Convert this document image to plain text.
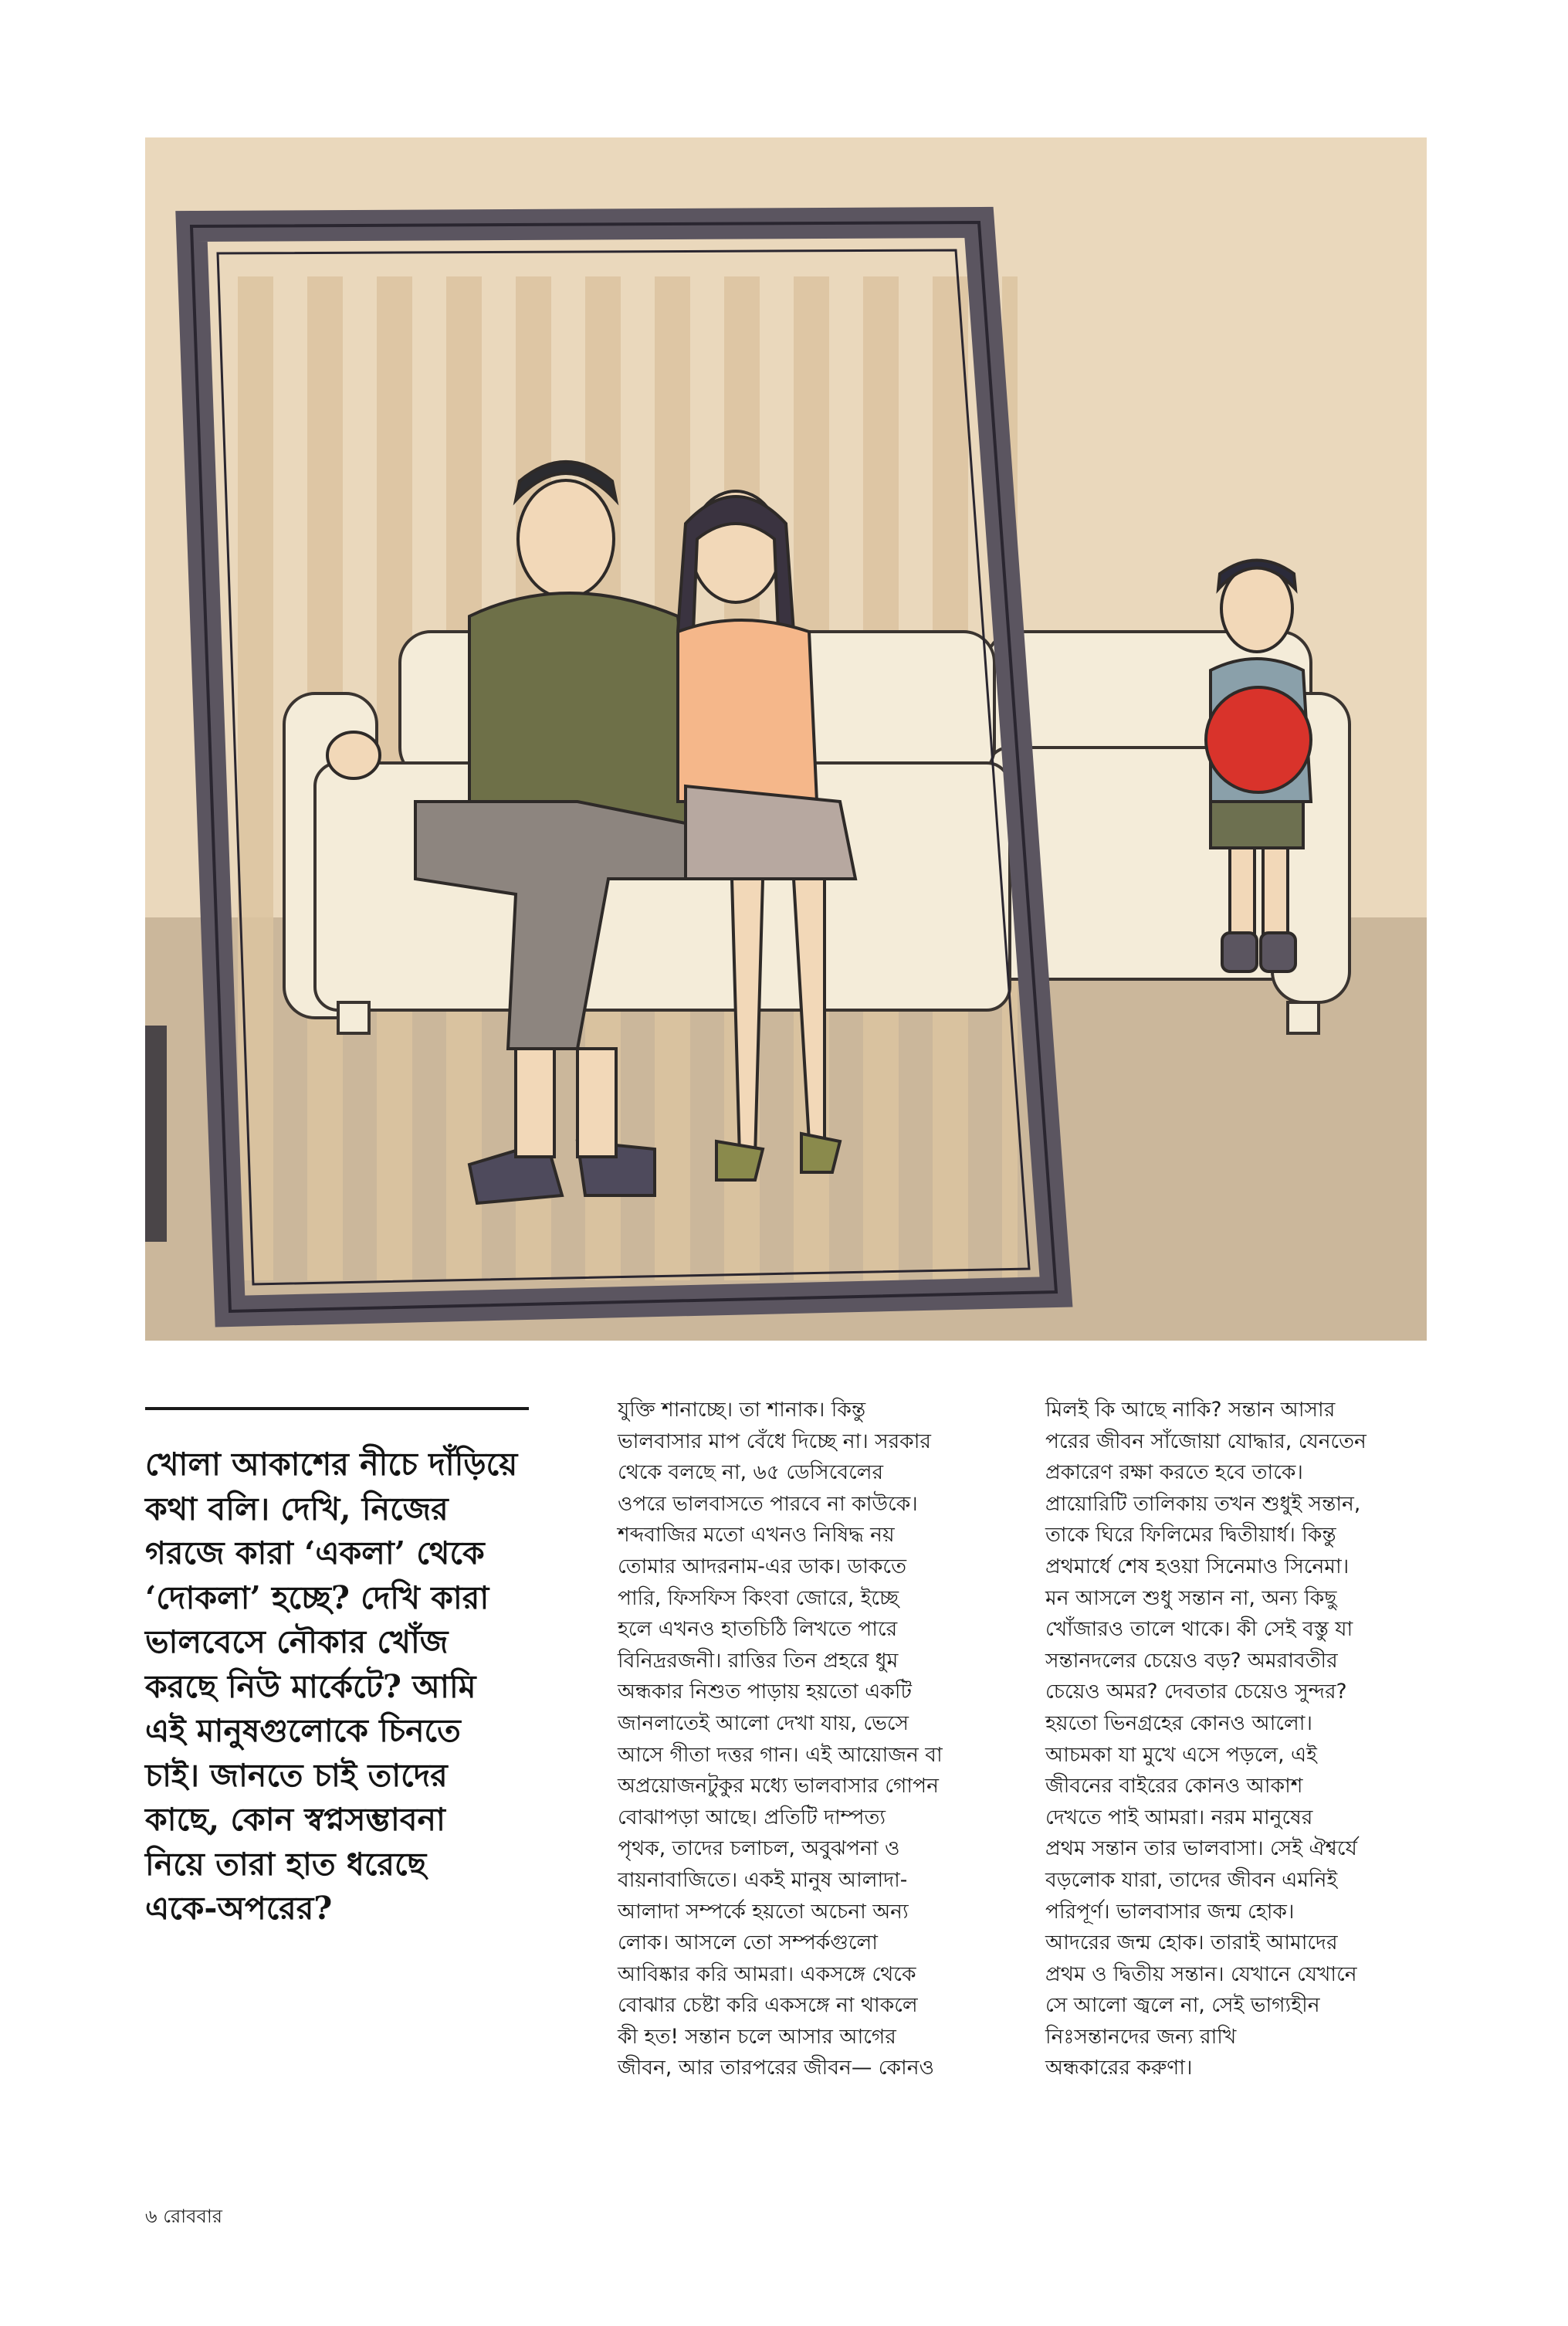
খোলা আকাশের নীচে দাঁড়িয়ে
কথা বলি। দেখি, নিজের
গরজে কারা ‘একলা’ থেকে
‘দোকলা’ হচ্ছে? দেখি কারা
ভালবেসে নৌকার খোঁজ
করছে নিউ মার্কেটে? আমি
এই মানুষগুলোকে চিনতে
চাই। জানতে চাই তাদের
কাছে, কোন স্বপ্নসম্ভাবনা
নিয়ে তারা হাত ধরেছে
একে-অপরের?
যুক্তি শানাচ্ছে। তা শানাক। কিন্তু
ভালবাসার মাপ বেঁধে দিচ্ছে না। সরকার
থেকে বলছে না, ৬৫ ডেসিবেলের
ওপরে ভালবাসতে পারবে না কাউকে।
শব্দবাজির মতো এখনও নিষিদ্ধ নয়
তোমার আদরনাম-এর ডাক। ডাকতে
পারি, ফিসফিস কিংবা জোরে, ইচ্ছে
হলে এখনও হাতচিঠি লিখতে পারে
বিনিদ্ররজনী। রাত্তির তিন প্রহরে ধুম
অন্ধকার নিশুত পাড়ায় হয়তো একটি
জানলাতেই আলো দেখা যায়, ভেসে
আসে গীতা দত্তর গান। এই আয়োজন বা
অপ্রয়োজনটুকুর মধ্যে ভালবাসার গোপন
বোঝাপড়া আছে। প্রতিটি দাম্পত্য
পৃথক, তাদের চলাচল, অবুঝপনা ও
বায়নাবাজিতে। একই মানুষ আলাদা-
আলাদা সম্পর্কে হয়তো অচেনা অন্য
লোক। আসলে তো সম্পর্কগুলো
আবিষ্কার করি আমরা। একসঙ্গে থেকে
বোঝার চেষ্টা করি একসঙ্গে না থাকলে
কী হত! সন্তান চলে আসার আগের
জীবন, আর তারপরের জীবন— কোনও
মিলই কি আছে নাকি? সন্তান আসার
পরের জীবন সাঁজোয়া যোদ্ধার, যেনতেন
প্রকারেণ রক্ষা করতে হবে তাকে।
প্রায়োরিটি তালিকায় তখন শুধুই সন্তান,
তাকে ঘিরে ফিলিমের দ্বিতীয়ার্ধ। কিন্তু
প্রথমার্ধে শেষ হওয়া সিনেমাও সিনেমা।
মন আসলে শুধু সন্তান না, অন্য কিছু
খোঁজারও তালে থাকে। কী সেই বস্তু যা
সন্তানদলের চেয়েও বড়? অমরাবতীর
চেয়েও অমর? দেবতার চেয়েও সুন্দর?
হয়তো ভিনগ্রহের কোনও আলো।
আচমকা যা মুখে এসে পড়লে, এই
জীবনের বাইরের কোনও আকাশ
দেখতে পাই আমরা। নরম মানুষের
প্রথম সন্তান তার ভালবাসা। সেই ঐশ্বর্যে
বড়লোক যারা, তাদের জীবন এমনিই
পরিপূর্ণ। ভালবাসার জন্ম হোক।
আদরের জন্ম হোক। তারাই আমাদের
প্রথম ও দ্বিতীয় সন্তান। যেখানে যেখানে
সে আলো জ্বলে না, সেই ভাগ্যহীন
নিঃসন্তানদের জন্য রাখি
অন্ধকারের করুণা।
৬ রোববার
